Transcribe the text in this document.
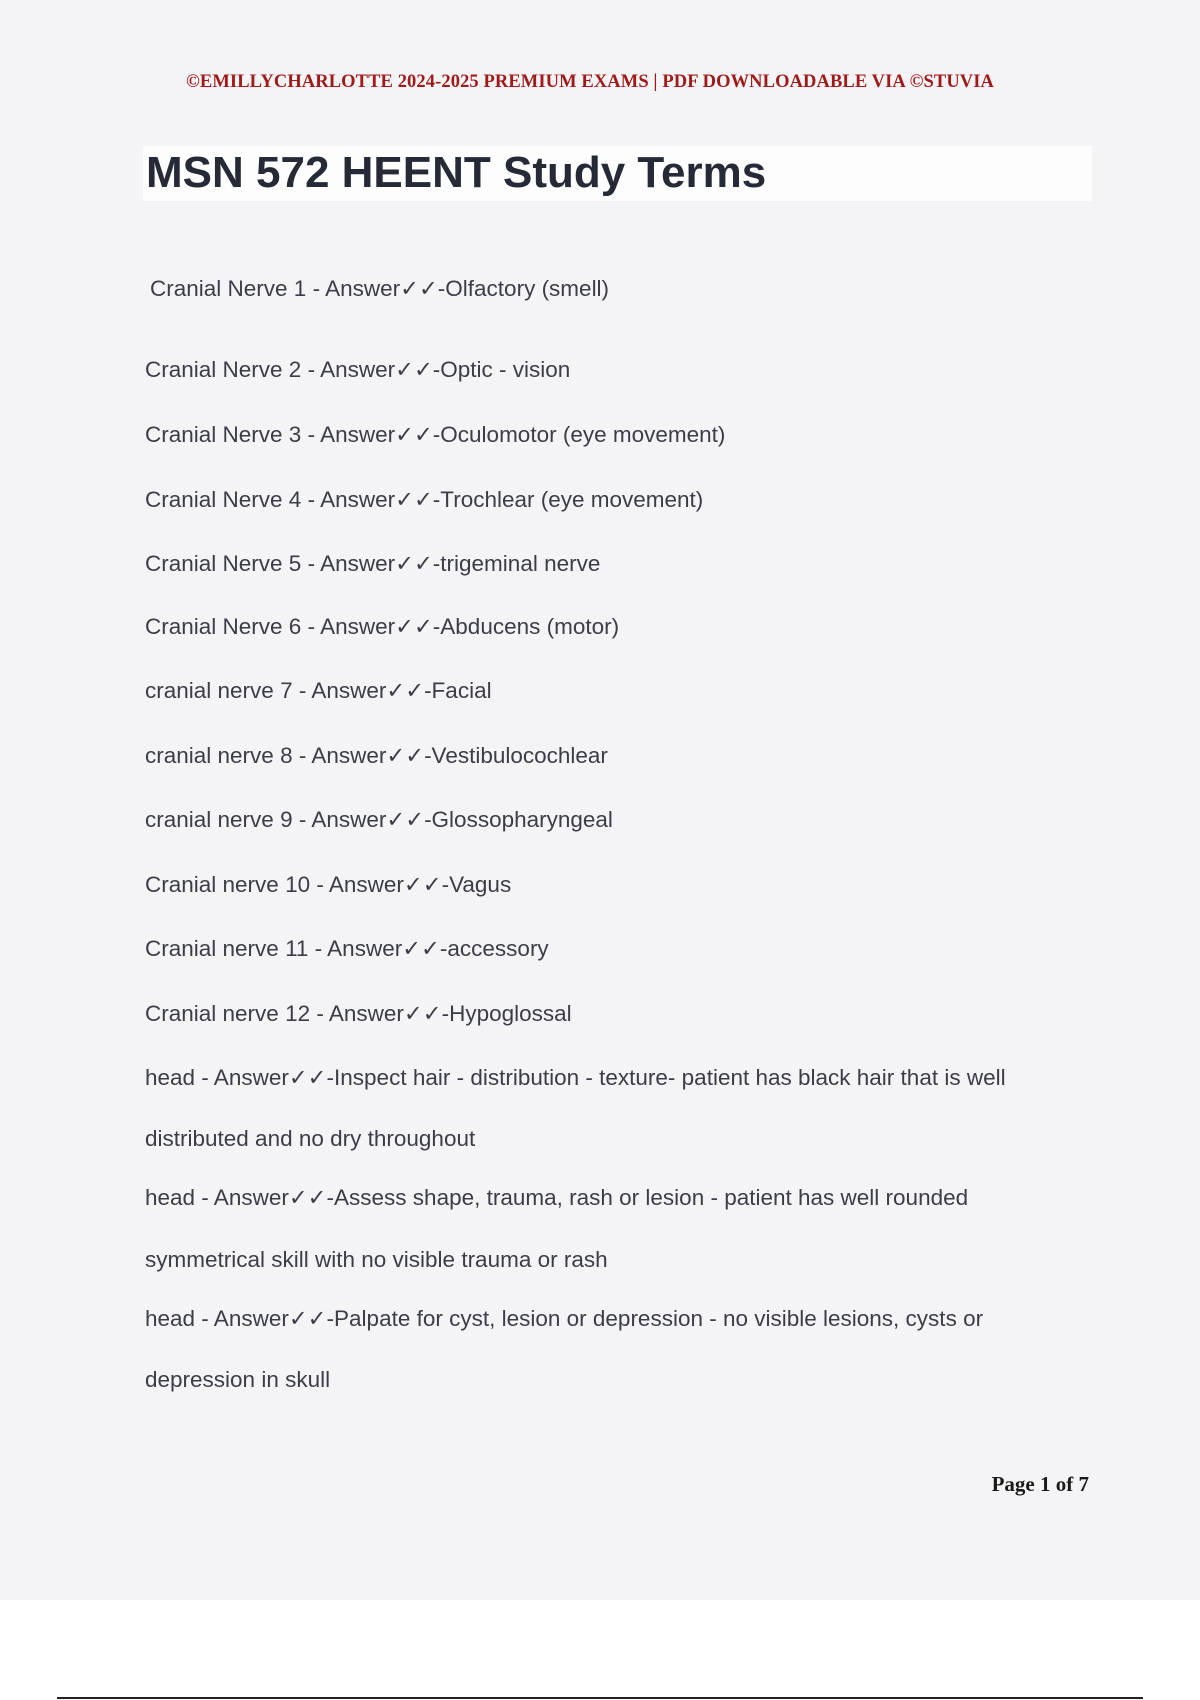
©EMILLYCHARLOTTE 2024-2025 PREMIUM EXAMS | PDF DOWNLOADABLE VIA ©STUVIA
MSN 572 HEENT Study Terms
Cranial Nerve 1 - Answer✓✓-Olfactory (smell)
Cranial Nerve 2 - Answer✓✓-Optic - vision
Cranial Nerve 3 - Answer✓✓-Oculomotor (eye movement)
Cranial Nerve 4 - Answer✓✓-Trochlear (eye movement)
Cranial Nerve 5 - Answer✓✓-trigeminal nerve
Cranial Nerve 6 - Answer✓✓-Abducens (motor)
cranial nerve 7 - Answer✓✓-Facial
cranial nerve 8 - Answer✓✓-Vestibulocochlear
cranial nerve 9 - Answer✓✓-Glossopharyngeal
Cranial nerve 10 - Answer✓✓-Vagus
Cranial nerve 11 - Answer✓✓-accessory
Cranial nerve 12 - Answer✓✓-Hypoglossal
head - Answer✓✓-Inspect hair - distribution - texture- patient has black hair that is well
distributed and no dry throughout
head - Answer✓✓-Assess shape, trauma, rash or lesion - patient has well rounded
symmetrical skill with no visible trauma or rash
head - Answer✓✓-Palpate for cyst, lesion or depression - no visible lesions, cysts or
depression in skull
Page 1 of 7
